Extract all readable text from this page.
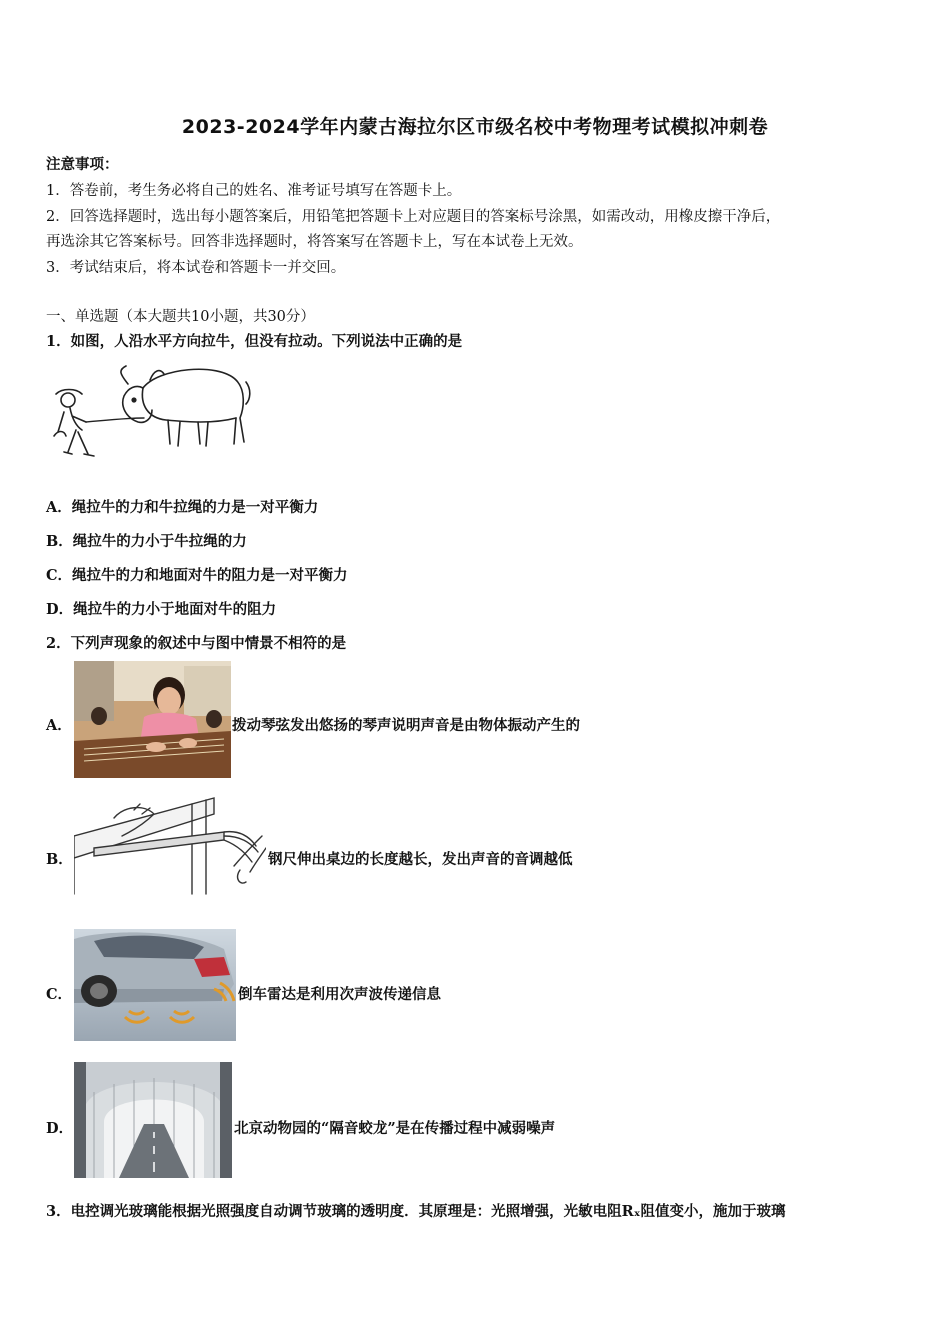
2023-2024学年内蒙古海拉尔区市级名校中考物理考试模拟冲刺卷
注意事项：
1．答卷前，考生务必将自己的姓名、准考证号填写在答题卡上。
2．回答选择题时，选出每小题答案后，用铅笔把答题卡上对应题目的答案标号涂黑，如需改动，用橡皮擦干净后，
再选涂其它答案标号。回答非选择题时，将答案写在答题卡上，写在本试卷上无效。
3．考试结束后，将本试卷和答题卡一并交回。
一、单选题（本大题共10小题，共30分）
1．如图，人沿水平方向拉牛，但没有拉动。下列说法中正确的是
A．绳拉牛的力和牛拉绳的力是一对平衡力
B．绳拉牛的力小于牛拉绳的力
C．绳拉牛的力和地面对牛的阻力是一对平衡力
D．绳拉牛的力小于地面对牛的阻力
2．下列声现象的叙述中与图中情景不相符的是
A．	拨动琴弦发出悠扬的琴声说明声音是由物体振动产生的
B．	钢尺伸出桌边的长度越长，发出声音的音调越低
C．	倒车雷达是利用次声波传递信息
D．	北京动物园的“隔音蛟龙”是在传播过程中减弱噪声
3．电控调光玻璃能根据光照强度自动调节玻璃的透明度．其原理是：光照增强，光敏电阻Rₓ阻值变小，施加于玻璃
